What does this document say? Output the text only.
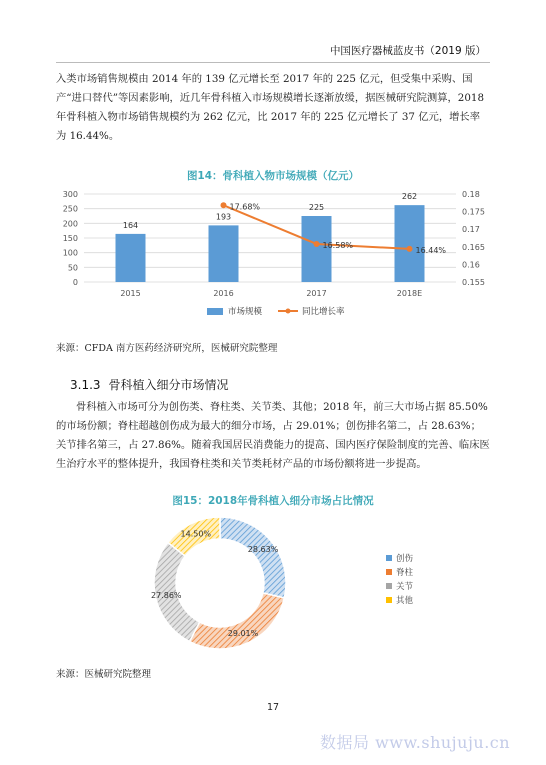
中国医疗器械蓝皮书（2019 版）

入类市场销售规模由 2014 年的 139 亿元增长至 2017 年的 225 亿元，但受集中采购、国产“进口替代”等因素影响，近几年骨科植入市场规模增长逐渐放缓，据医械研究院测算，2018 年骨科植入物市场销售规模约为 262 亿元，比 2017 年的 225 亿元增长了 37 亿元，增长率为 16.44%。

图14：骨科植入物市场规模（亿元）
0
50
100
150
200
250
300
0.155
0.16
0.165
0.17
0.175
0.18
164
2015
193
2016
225
2017
262
2018E
17.68%
16.58%
16.44%
市场规模	同比增长率
来源：CFDA 南方医药经济研究所，医械研究院整理
3.1.3 骨科植入细分市场情况

骨科植入市场可分为创伤类、脊柱类、关节类、其他；2018 年，前三大市场占据 85.50% 的市场份额；脊柱超越创伤成为最大的细分市场，占 29.01%；创伤排名第二，占 28.63%；关节排名第三，占 27.86%。随着我国居民消费能力的提高、国内医疗保险制度的完善、临床医生治疗水平的整体提升，我国脊柱类和关节类耗材产品的市场份额将进一步提高。

图15：2018年骨科植入细分市场占比情况
28.63%
29.01%
27.86%
14.50%
创伤
脊柱
关节
其他
来源：医械研究院整理
17
数据局 www.shujuju.cn
